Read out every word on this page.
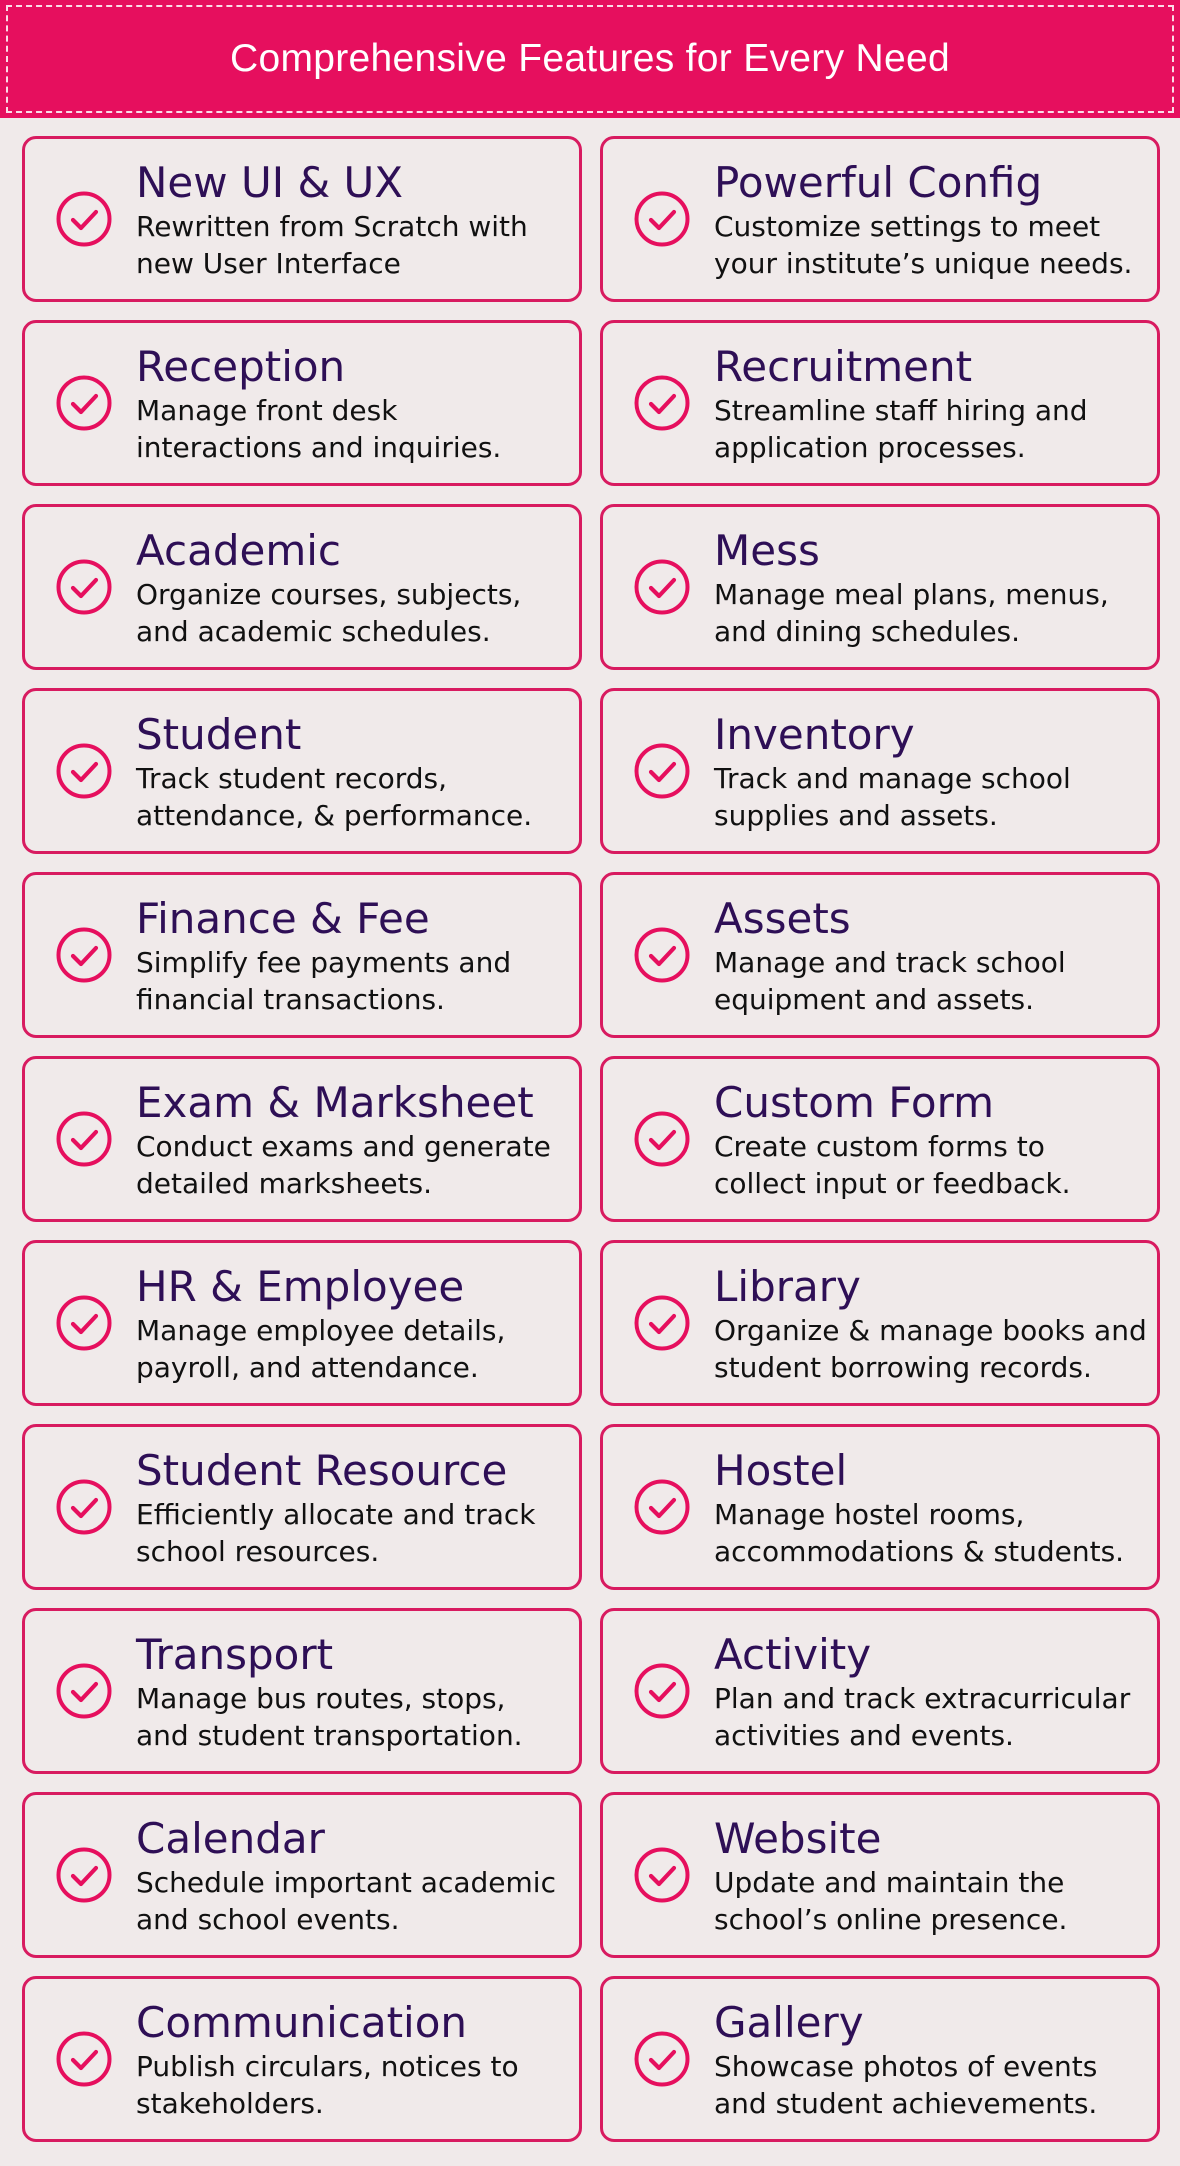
Comprehensive Features for Every Need
New UI & UX
Rewritten from Scratch with
new User Interface
Powerful Config
Customize settings to meet
your institute’s unique needs.
Reception
Manage front desk
interactions and inquiries.
Recruitment
Streamline staff hiring and
application processes.
Academic
Organize courses, subjects,
and academic schedules.
Mess
Manage meal plans, menus,
and dining schedules.
Student
Track student records,
attendance, & performance.
Inventory
Track and manage school
supplies and assets.
Finance & Fee
Simplify fee payments and
financial transactions.
Assets
Manage and track school
equipment and assets.
Exam & Marksheet
Conduct exams and generate
detailed marksheets.
Custom Form
Create custom forms to
collect input or feedback.
HR & Employee
Manage employee details,
payroll, and attendance.
Library
Organize & manage books and
student borrowing records.
Student Resource
Efficiently allocate and track
school resources.
Hostel
Manage hostel rooms,
accommodations & students.
Transport
Manage bus routes, stops,
and student transportation.
Activity
Plan and track extracurricular
activities and events.
Calendar
Schedule important academic
and school events.
Website
Update and maintain the
school’s online presence.
Communication
Publish circulars, notices to
stakeholders.
Gallery
Showcase photos of events
and student achievements.
